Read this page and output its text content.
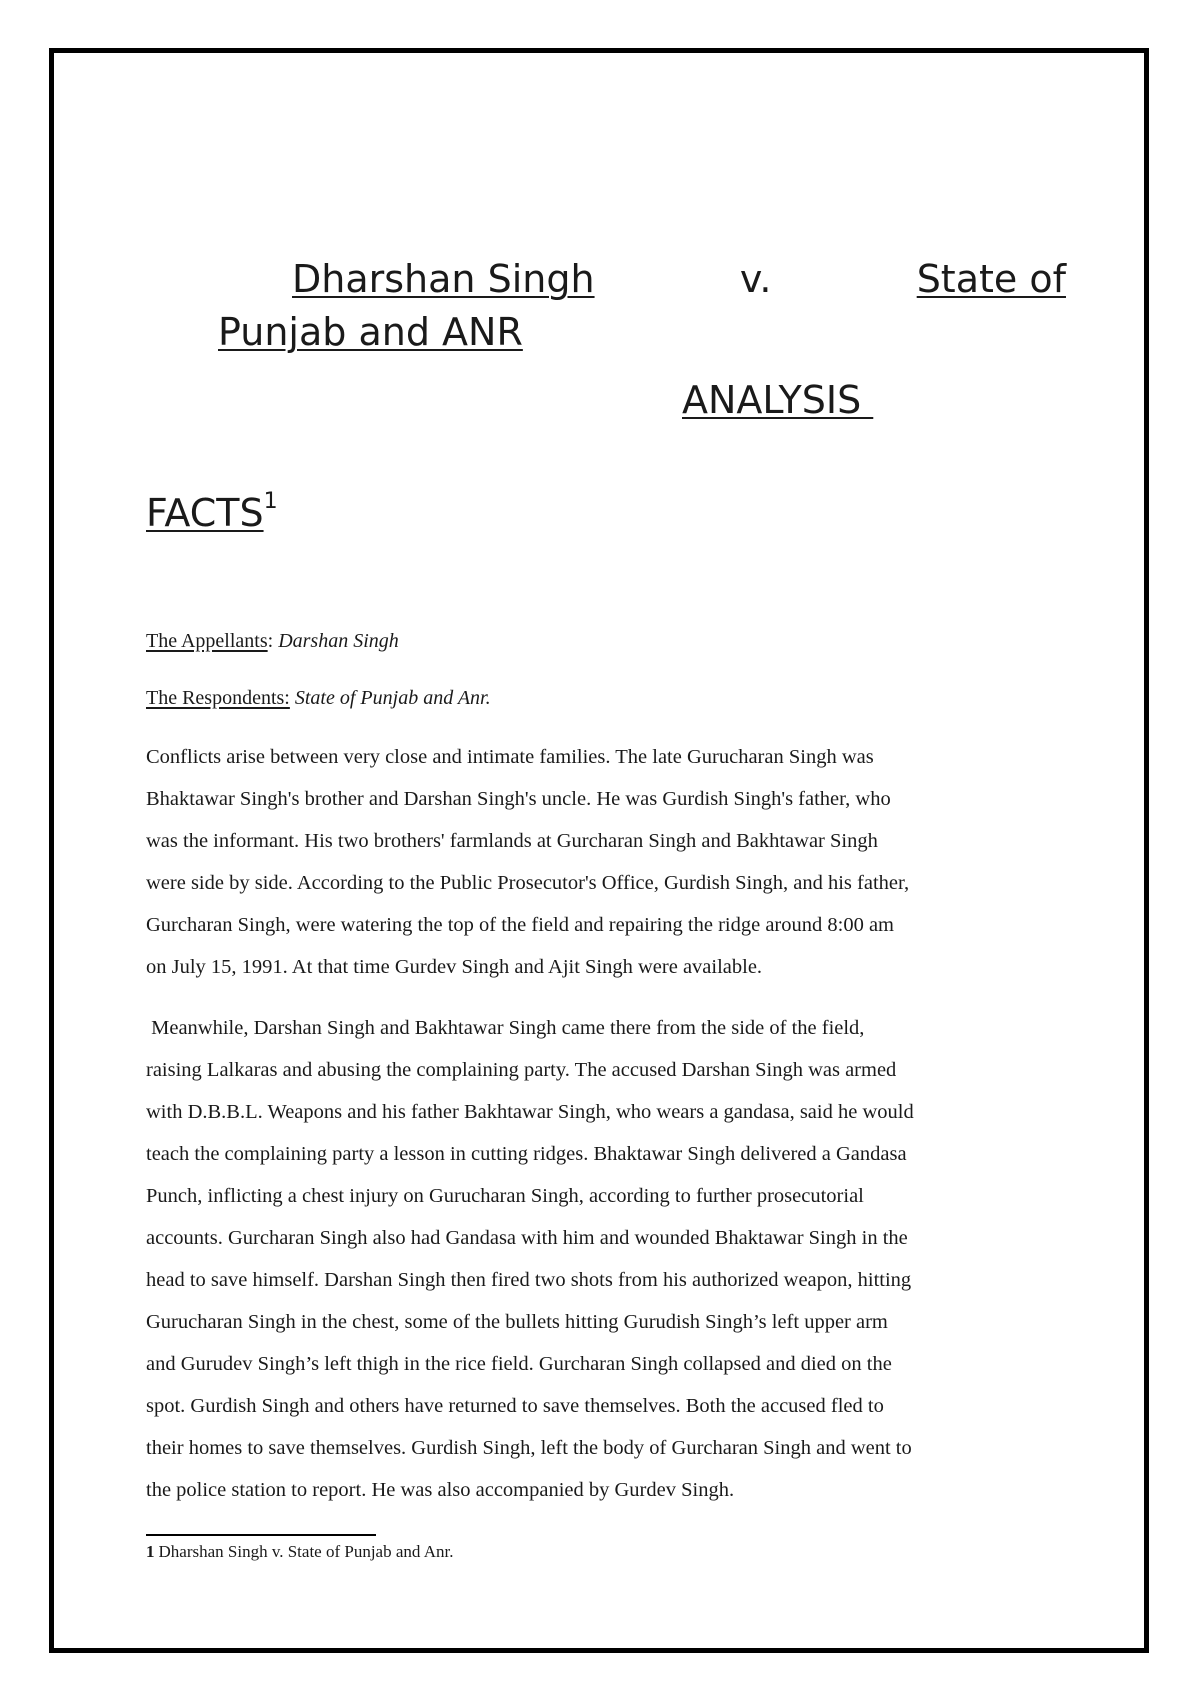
Dharshan Singh	v.	State of
Punjab and ANR
ANALYSIS
FACTS$^1$
The Appellants: Darshan Singh
The Respondents: State of Punjab and Anr.
Conflicts arise between very close and intimate families. The late Gurucharan Singh was
Bhaktawar Singh's brother and Darshan Singh's uncle. He was Gurdish Singh's father, who
was the informant. His two brothers' farmlands at Gurcharan Singh and Bakhtawar Singh
were side by side. According to the Public Prosecutor's Office, Gurdish Singh, and his father,
Gurcharan Singh, were watering the top of the field and repairing the ridge around 8:00 am
on July 15, 1991. At that time Gurdev Singh and Ajit Singh were available.
Meanwhile, Darshan Singh and Bakhtawar Singh came there from the side of the field,
raising Lalkaras and abusing the complaining party. The accused Darshan Singh was armed
with D.B.B.L. Weapons and his father Bakhtawar Singh, who wears a gandasa, said he would
teach the complaining party a lesson in cutting ridges. Bhaktawar Singh delivered a Gandasa
Punch, inflicting a chest injury on Gurucharan Singh, according to further prosecutorial
accounts. Gurcharan Singh also had Gandasa with him and wounded Bhaktawar Singh in the
head to save himself. Darshan Singh then fired two shots from his authorized weapon, hitting
Gurucharan Singh in the chest, some of the bullets hitting Gurudish Singh’s left upper arm
and Gurudev Singh’s left thigh in the rice field. Gurcharan Singh collapsed and died on the
spot. Gurdish Singh and others have returned to save themselves. Both the accused fled to
their homes to save themselves. Gurdish Singh, left the body of Gurcharan Singh and went to
the police station to report. He was also accompanied by Gurdev Singh.
1 Dharshan Singh v. State of Punjab and Anr.
